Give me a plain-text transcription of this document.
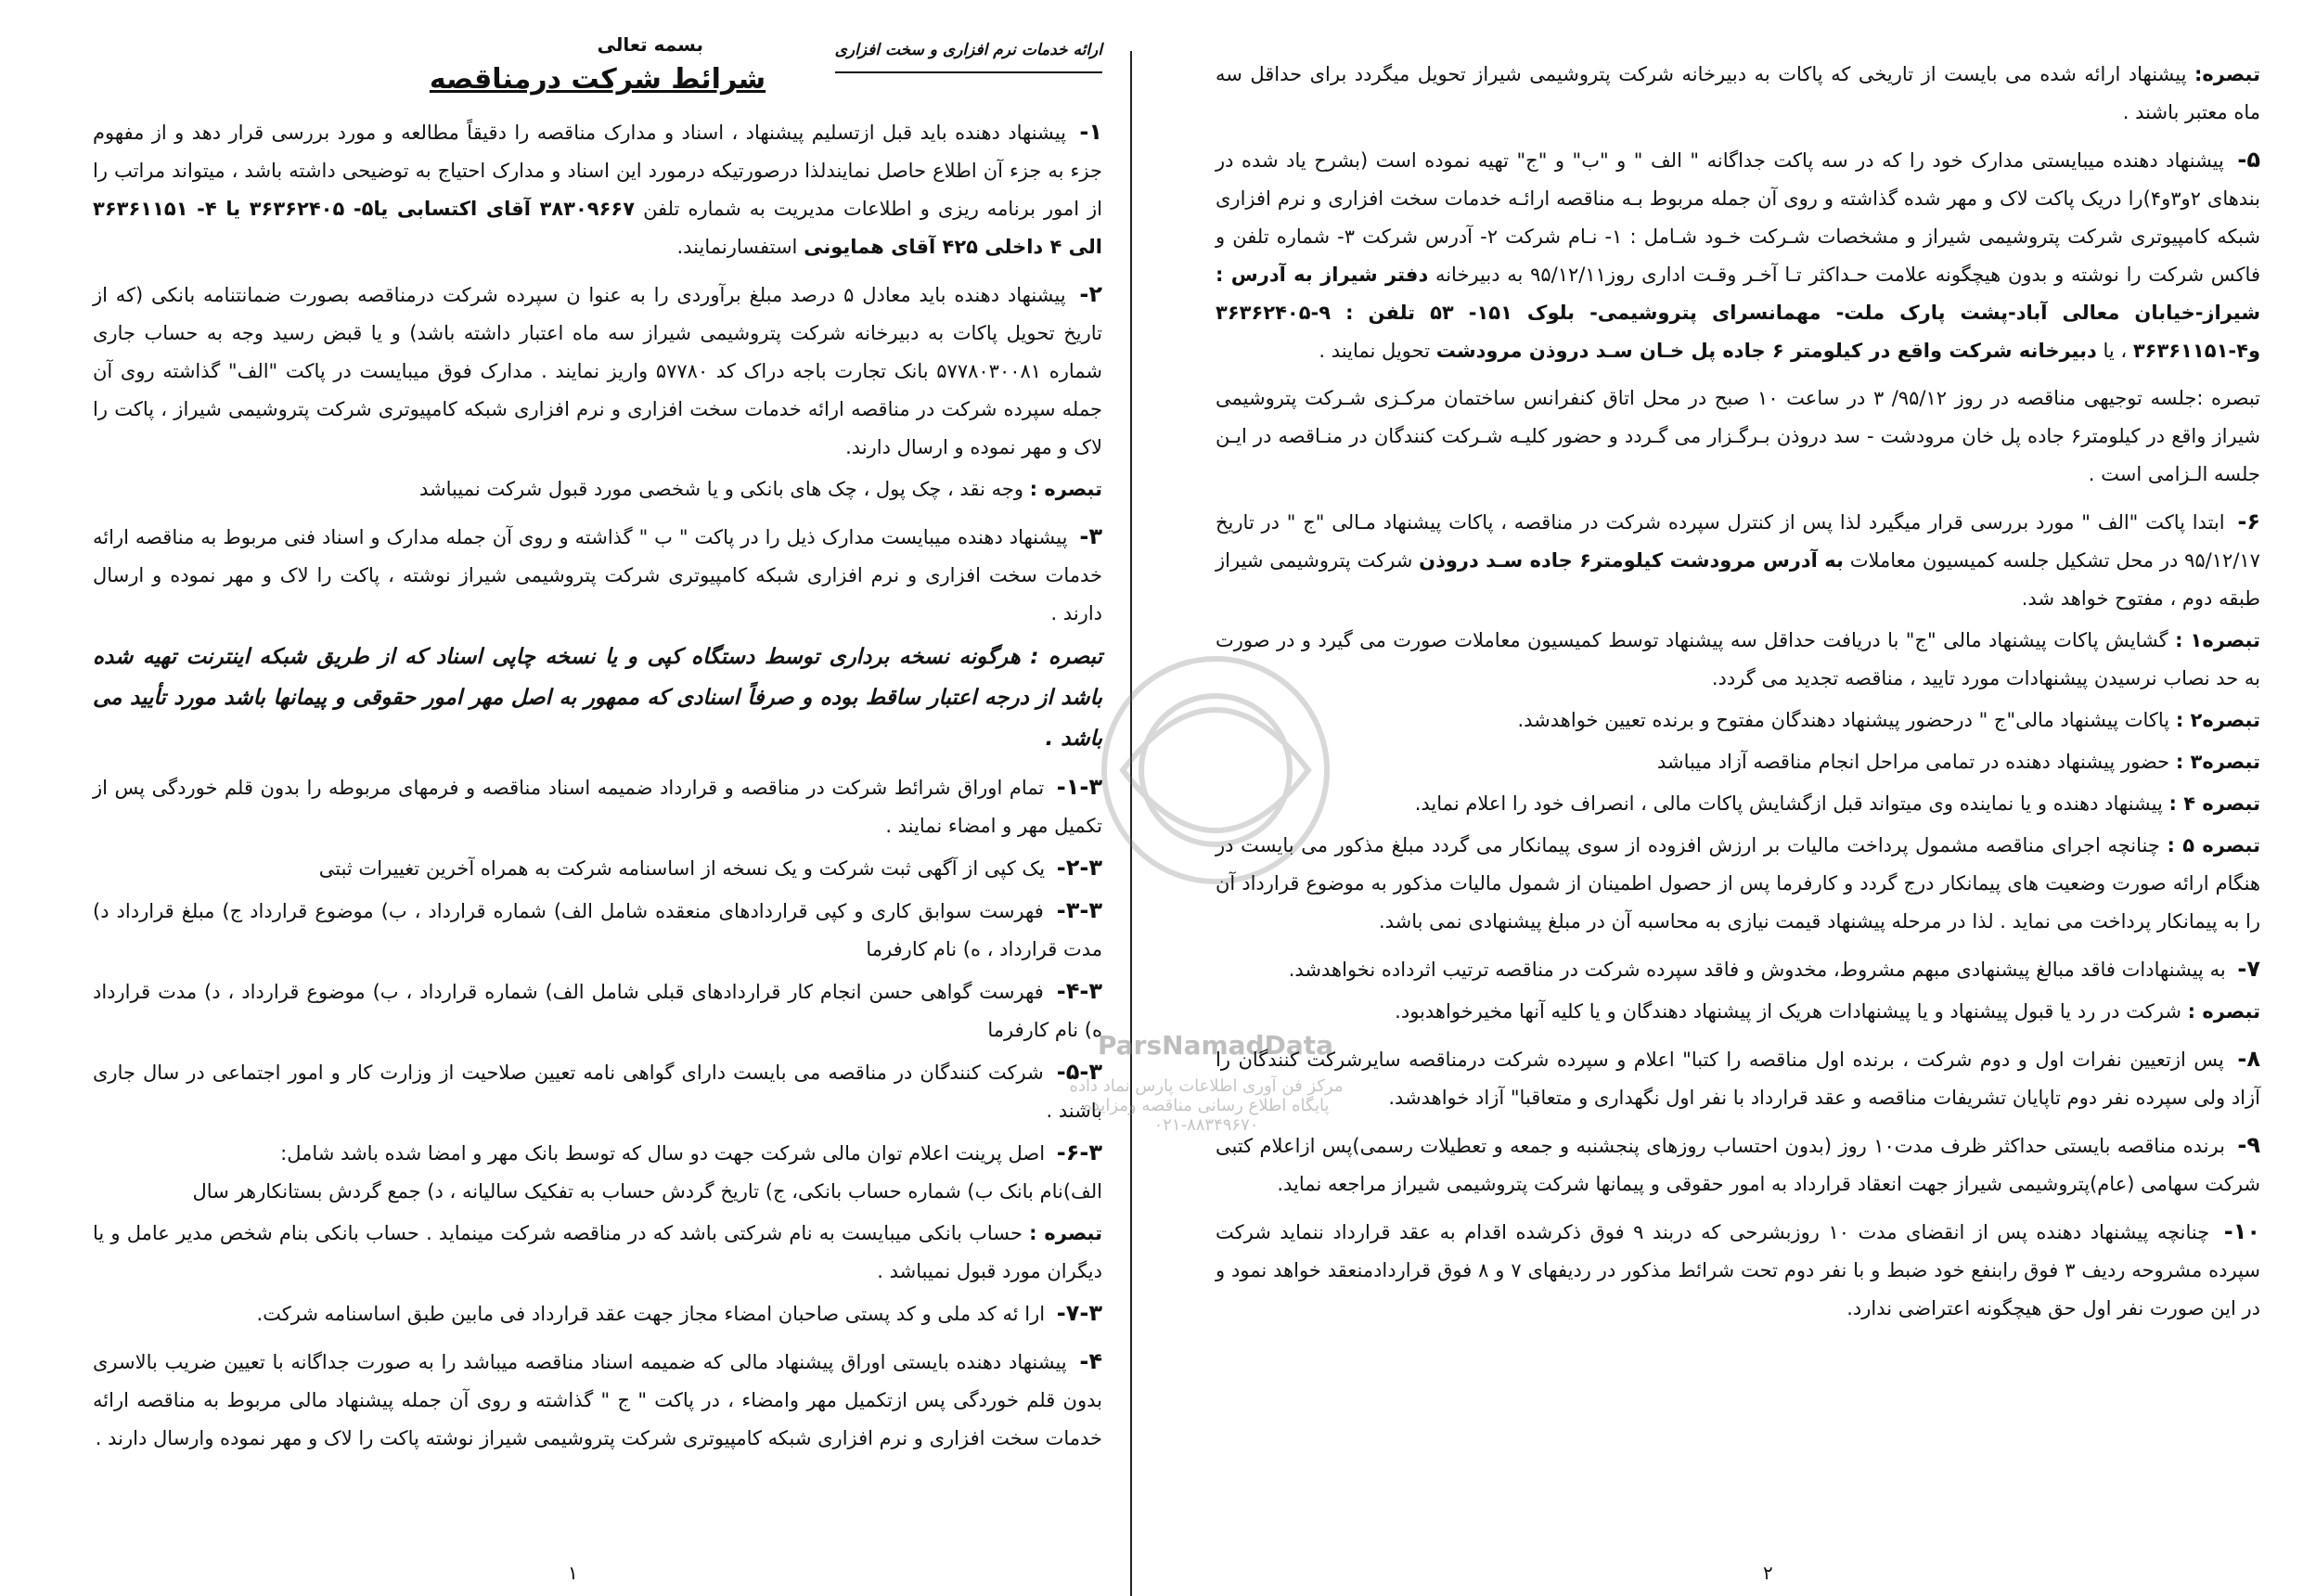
ParsNamadData
مرکز فن آوری اطلاعات پارس نماد داده
پایگاه اطلاع رسانی مناقصه ومزایده
۰۲۱-۸۸۳۴۹۶۷۰
بسمه تعالی	ارائه خدمات نرم افزاری و سخت افزاری
شرائط شرکت درمناقصه
۱- پیشنهاد دهنده باید قبل ازتسلیم پیشنهاد ، اسناد و مدارک مناقصه را دقیقاً مطالعه و مورد بررسی قرار دهد و از مفهوم جزء به جزء آن اطلاع حاصل نمایندلذا درصورتیکه درمورد این اسناد و مدارک احتیاج به توضیحی داشته باشد ، میتواند مراتب را از امور برنامه ریزی و اطلاعات مدیریت به شماره تلفن ۳۸۳۰۹۶۶۷ آقای اکتسابی یا۵- ۳۶۳۶۲۴۰۵ یا ۴- ۳۶۳۶۱۱۵۱ الی ۴ داخلی ۴۲۵ آقای همایونی استفسارنمایند.
۲- پیشنهاد دهنده باید معادل ۵ درصد مبلغ برآوردی را به عنوا ن سپرده شرکت درمناقصه بصورت ضمانتنامه بانکی (که از تاریخ تحویل پاکات به دبیرخانه شرکت پتروشیمی شیراز سه ماه اعتبار داشته باشد) و یا قبض رسید وجه به حساب جاری شماره ۵۷۷۸۰۳۰۰۸۱ بانک تجارت باجه دراک کد ۵۷۷۸۰ واریز نمایند . مدارک فوق میبایست در پاکت "الف" گذاشته روی آن جمله سپرده شرکت در مناقصه ارائه خدمات سخت افزاری و نرم افزاری شبکه کامپیوتری شرکت پتروشیمی شیراز ، پاکت را لاک و مهر نموده و ارسال دارند.
تبصره : وجه نقد ، چک پول ، چک های بانکی و یا شخصی مورد قبول شرکت نمیباشد
۳- پیشنهاد دهنده میبایست مدارک ذیل را در پاکت " ب " گذاشته و روی آن جمله مدارک و اسناد فنی مربوط به مناقصه ارائه خدمات سخت افزاری و نرم افزاری شبکه کامپیوتری شرکت پتروشیمی شیراز نوشته ، پاکت را لاک و مهر نموده و ارسال دارند .
تبصره : هرگونه نسخه برداری توسط دستگاه کپی و یا نسخه چاپی اسناد که از طریق شبکه اینترنت تهیه شده باشد از درجه اعتبار ساقط بوده و صرفاً اسنادی که ممهور به اصل مهر امور حقوقی و پیمانها باشد مورد تأیید می باشد .
۱-۳- تمام اوراق شرائط شرکت در مناقصه و قرارداد ضمیمه اسناد مناقصه و فرمهای مربوطه را بدون قلم خوردگی پس از تکمیل مهر و امضاء نمایند .
۲-۳- یک کپی از آگهی ثبت شرکت و یک نسخه از اساسنامه شرکت به همراه آخرین تغییرات ثبتی
۳-۳- فهرست سوابق کاری و کپی قراردادهای منعقده شامل الف) شماره قرارداد ، ب) موضوع قرارداد ج) مبلغ قرارداد د) مدت قرارداد ، ه) نام کارفرما
۴-۳- فهرست گواهی حسن انجام کار قراردادهای قبلی شامل الف) شماره قرارداد ، ب) موضوع قرارداد ، د) مدت قرارداد ه) نام کارفرما
۵-۳- شرکت کنندگان در مناقصه می بایست دارای گواهی نامه تعیین صلاحیت از وزارت کار و امور اجتماعی در سال جاری باشند .
۶-۳- اصل پرینت اعلام توان مالی شرکت جهت دو سال که توسط بانک مهر و امضا شده باشد شامل:
الف)نام بانک ب) شماره حساب بانکی، ج) تاریخ گردش حساب به تفکیک سالیانه ، د) جمع گردش بستانکارهر سال
تبصره : حساب بانکی میبایست به نام شرکتی باشد که در مناقصه شرکت مینماید . حساب بانکی بنام شخص مدیر عامل و یا دیگران مورد قبول نمیباشد .
۷-۳- ارا ئه کد ملی و کد پستی صاحبان امضاء مجاز جهت عقد قرارداد فی مابین طبق اساسنامه شرکت.
۴- پیشنهاد دهنده بایستی اوراق پیشنهاد مالی که ضمیمه اسناد مناقصه میباشد را به صورت جداگانه با تعیین ضریب بالاسری بدون قلم خوردگی پس ازتکمیل مهر وامضاء ، در پاکت " ج " گذاشته و روی آن جمله پیشنهاد مالی مربوط به مناقصه ارائه خدمات سخت افزاری و نرم افزاری شبکه کامپیوتری شرکت پتروشیمی شیراز نوشته پاکت را لاک و مهر نموده وارسال دارند .
۱
تبصره: پیشنهاد ارائه شده می بایست از تاریخی که پاکات به دبیرخانه شرکت پتروشیمی شیراز تحویل میگردد برای حداقل سه ماه معتبر باشند .
۵- پیشنهاد دهنده میبایستی مدارک خود را که در سه پاکت جداگانه " الف " و "ب" و "ج" تهیه نموده است (بشرح یاد شده در بندهای ۲و۳و۴)را دریک پاکت لاک و مهر شده گذاشته و روی آن جمله مربوط بـه مناقصه ارائـه خدمات سخت افزاری و نرم افزاری شبکه کامپیوتری شرکت پتروشیمی شیراز و مشخصات شـرکت خـود شـامل : ۱- نـام شرکت ۲- آدرس شرکت ۳- شماره تلفن و فاکس شرکت را نوشته و بدون هیچگونه علامت حـداکثر تـا آخـر وقـت اداری روز۹۵/۱۲/۱۱ به دبیرخانه دفتر شیراز به آدرس : شیراز-خیابان معالی آباد-پشت پارک ملت- مهمانسرای پتروشیمی- بلوک ۱۵۱- ۵۳ تلفن : ۹-۳۶۳۶۲۴۰۵ و۴-۳۶۳۶۱۱۵۱ ، یا دبیرخانه شرکت واقع در کیلومتر ۶ جاده پل خـان سـد دروذن مرودشت تحویل نمایند .
تبصره :جلسه توجیهی مناقصه در روز ۹۵/۱۲/ ۳ در ساعت ۱۰ صبح در محل اتاق کنفرانس ساختمان مرکـزی شـرکت پتروشیمی شیراز واقع در کیلومتر۶ جاده پل خان مرودشت - سد دروذن بـرگـزار می گـردد و حضور کلیـه شـرکت کنندگان در منـاقصه در ایـن جلسه الـزامی است .
۶- ابتدا پاکت "الف " مورد بررسی قرار میگیرد لذا پس از کنترل سپرده شرکت در مناقصه ، پاکات پیشنهاد مـالی "ج " در تاریخ ۹۵/۱۲/۱۷ در محل تشکیل جلسه کمیسیون معاملات به آدرس مرودشت کیلومتر۶ جاده سـد دروذن شرکت پتروشیمی شیراز طبقه دوم ، مفتوح خواهد شد.
تبصره۱ : گشایش پاکات پیشنهاد مالی "ج" با دریافت حداقل سه پیشنهاد توسط کمیسیون معاملات صورت می گیرد و در صورت به حد نصاب نرسیدن پیشنهادات مورد تایید ، مناقصه تجدید می گردد.
تبصره۲ : پاکات پیشنهاد مالی"ج " درحضور پیشنهاد دهندگان مفتوح و برنده تعیین خواهدشد.
تبصره۳ : حضور پیشنهاد دهنده در تمامی مراحل انجام مناقصه آزاد میباشد
تبصره ۴ : پیشنهاد دهنده و یا نماینده وی میتواند قبل ازگشایش پاکات مالی ، انصراف خود را اعلام نماید.
تبصره ۵ : چنانچه اجرای مناقصه مشمول پرداخت مالیات بر ارزش افزوده از سوی پیمانکار می گردد مبلغ مذکور می بایست در هنگام ارائه صورت وضعیت های پیمانکار درج گردد و کارفرما پس از حصول اطمینان از شمول مالیات مذکور به موضوع قرارداد آن را به پیمانکار پرداخت می نماید . لذا در مرحله پیشنهاد قیمت نیازی به محاسبه آن در مبلغ پیشنهادی نمی باشد.
۷- به پیشنهادات فاقد مبالغ پیشنهادی مبهم مشروط، مخدوش و فاقد سپرده شرکت در مناقصه ترتیب اثرداده نخواهدشد.
تبصره : شرکت در رد یا قبول پیشنهاد و یا پیشنهادات هریک از پیشنهاد دهندگان و یا کلیه آنها مخیرخواهدبود.
۸- پس ازتعیین نفرات اول و دوم شرکت ، برنده اول مناقصه را کتبا" اعلام و سپرده شرکت درمناقصه سایرشرکت کنندگان را آزاد ولی سپرده نفر دوم تاپایان تشریفات مناقصه و عقد قرارداد با نفر اول نگهداری و متعاقبا" آزاد خواهدشد.
۹- برنده مناقصه بایستی حداکثر ظرف مدت۱۰ روز (بدون احتساب روزهای پنجشنبه و جمعه و تعطیلات رسمی)پس ازاعلام کتبی شرکت سهامی (عام)پتروشیمی شیراز جهت انعقاد قرارداد به امور حقوقی و پیمانها شرکت پتروشیمی شیراز مراجعه نماید.
۱۰- چنانچه پیشنهاد دهنده پس از انقضای مدت ۱۰ روزبشرحی که دربند ۹ فوق ذکرشده اقدام به عقد قرارداد ننماید شرکت سپرده مشروحه ردیف ۳ فوق رابنفع خود ضبط و با نفر دوم تحت شرائط مذکور در ردیفهای ۷ و ۸ فوق قراردادمنعقد خواهد نمود و در این صورت نفر اول حق هیچگونه اعتراضی ندارد.
۲
